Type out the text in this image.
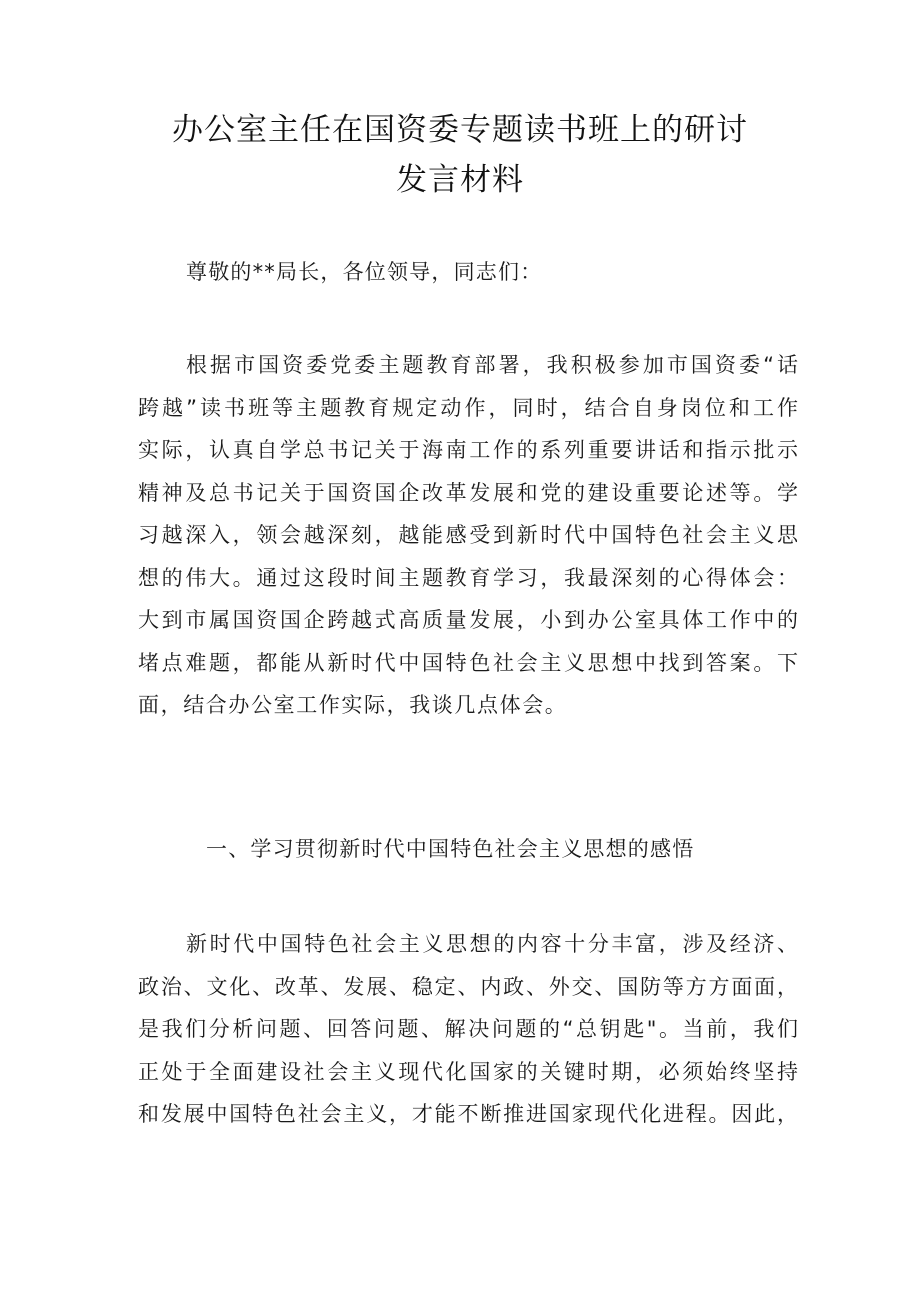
办公室主任在国资委专题读书班上的研讨
发言材料
尊敬的**局长，各位领导，同志们：
根据市国资委党委主题教育部署，我积极参加市国资委“话
跨越”读书班等主题教育规定动作，同时，结合自身岗位和工作
实际，认真自学总书记关于海南工作的系列重要讲话和指示批示
精神及总书记关于国资国企改革发展和党的建设重要论述等。学
习越深入，领会越深刻，越能感受到新时代中国特色社会主义思
想的伟大。通过这段时间主题教育学习，我最深刻的心得体会：
大到市属国资国企跨越式高质量发展，小到办公室具体工作中的
堵点难题，都能从新时代中国特色社会主义思想中找到答案。下
面，结合办公室工作实际，我谈几点体会。
一、学习贯彻新时代中国特色社会主义思想的感悟
新时代中国特色社会主义思想的内容十分丰富，涉及经济、
政治、文化、改革、发展、稳定、内政、外交、国防等方方面面，
是我们分析问题、回答问题、解决问题的“总钥匙"。当前，我们
正处于全面建设社会主义现代化国家的关键时期，必须始终坚持
和发展中国特色社会主义，才能不断推进国家现代化进程。因此，
